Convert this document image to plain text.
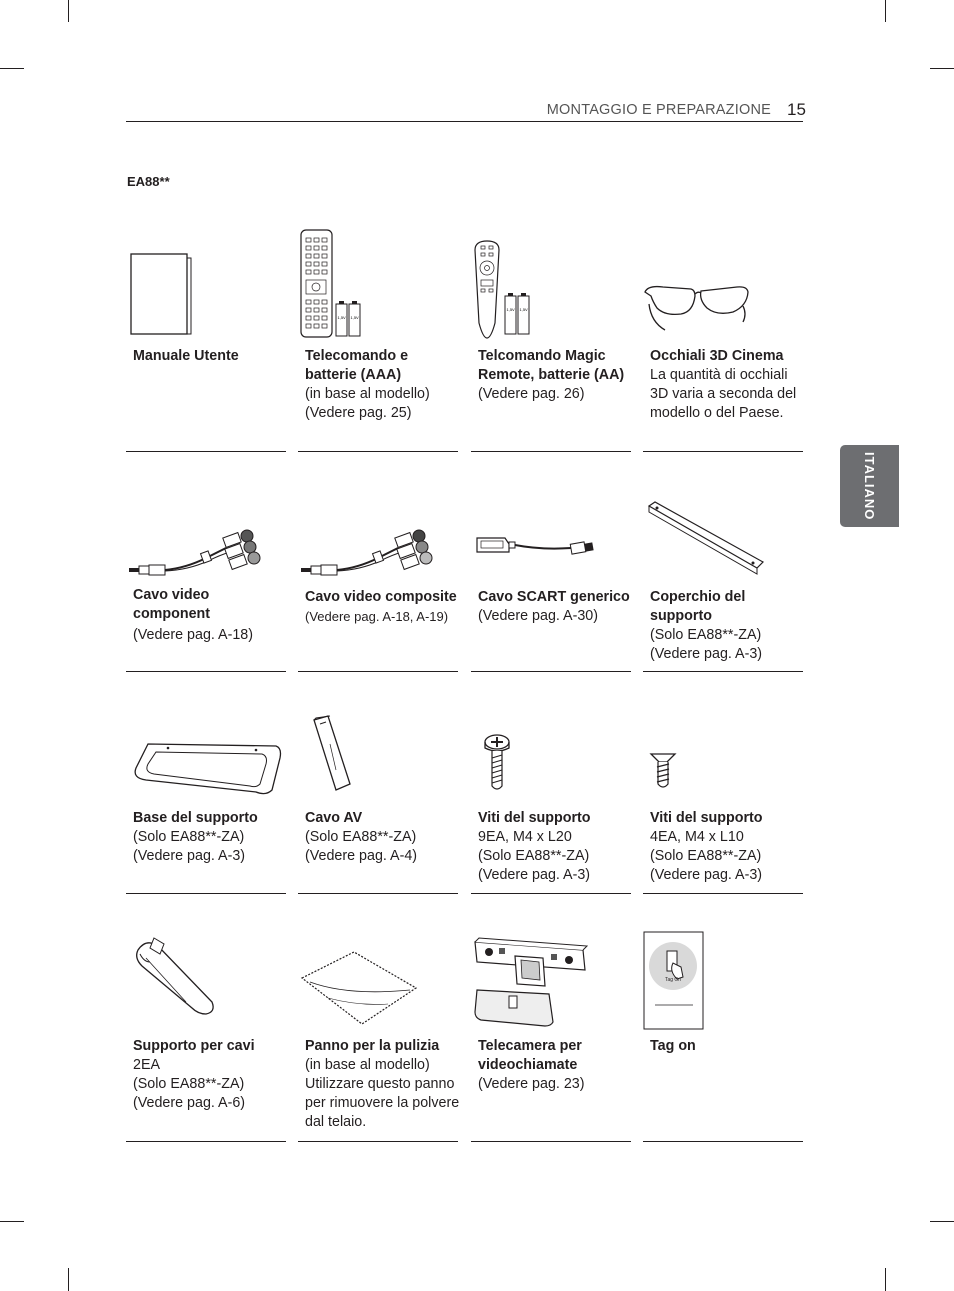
MONTAGGIO E PREPARAZIONE 15
EA88**
ITALIANO
Manuale Utente
1,5V 1,5V
Telecomando e batterie (AAA)
(in base al modello)
(Vedere pag. 25)
1,5V 1,5V
Telcomando Magic Remote, batterie (AA)
(Vedere pag. 26)
Occhiali 3D Cinema
La quantità di occhiali 3D varia a seconda del modello o del Paese.
Cavo video component
(Vedere pag. A-18)
Cavo video composite
(Vedere pag. A-18, A-19)
Cavo SCART generico
(Vedere pag. A-30)
Coperchio del supporto
(Solo EA88**-ZA)
(Vedere pag. A-3)
Base del supporto
(Solo EA88**-ZA)
(Vedere pag. A-3)
Cavo AV
(Solo EA88**-ZA)
(Vedere pag. A-4)
Viti del supporto
9EA, M4 x L20
(Solo EA88**-ZA)
(Vedere pag. A-3)
Viti del supporto
4EA, M4 x L10
(Solo EA88**-ZA)
(Vedere pag. A-3)
Supporto per cavi
2EA
(Solo EA88**-ZA)
(Vedere pag. A-6)
Panno per la pulizia
(in base al modello)
Utilizzare questo panno per rimuovere la polvere dal telaio.
Telecamera per videochiamate
(Vedere pag. 23)
Tag On
Tag on
